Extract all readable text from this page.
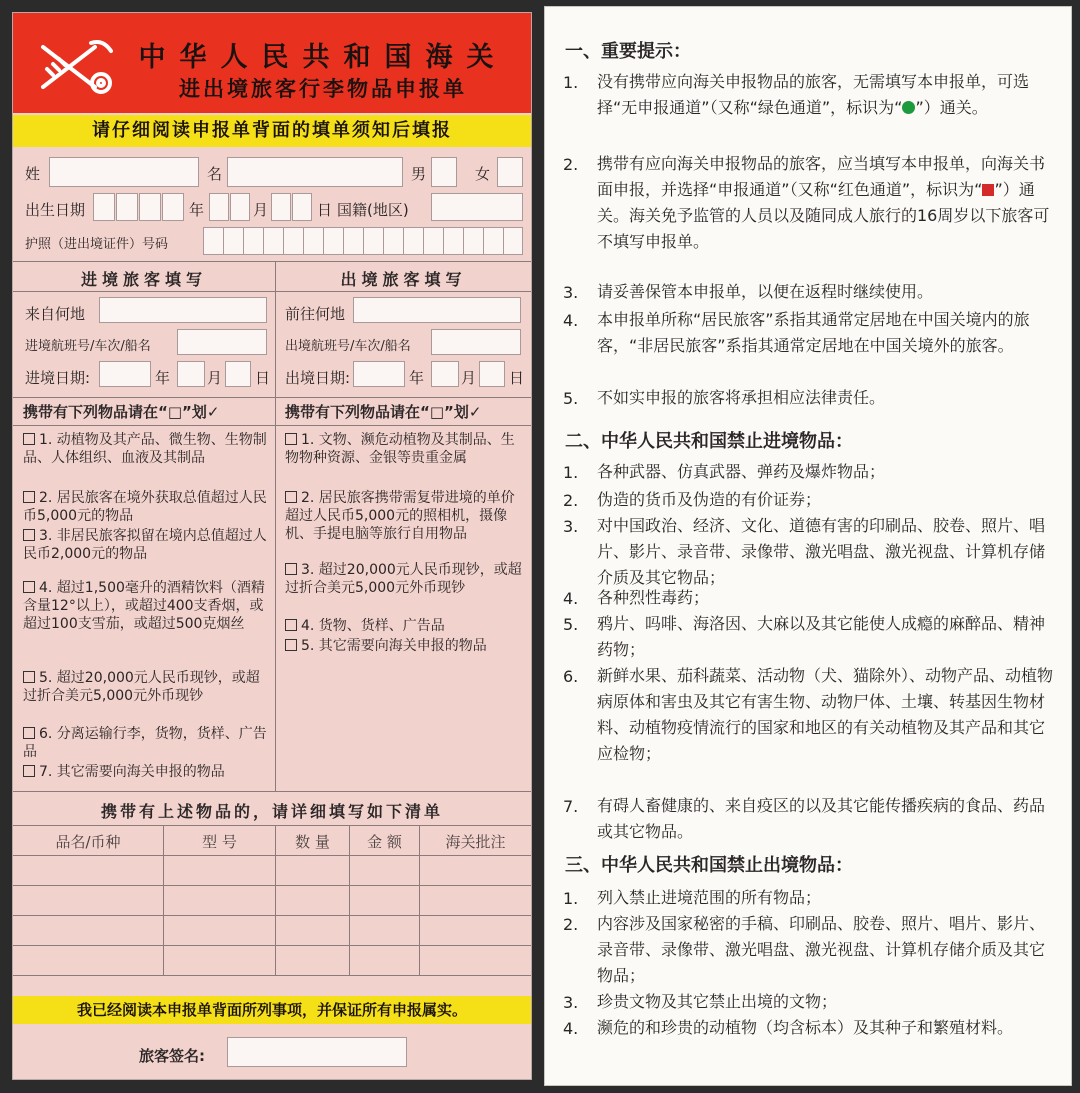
中华人民共和国海关
进出境旅客行李物品申报单
请仔细阅读申报单背面的填单须知后填报
姓	名	男	女
出生日期	年	月	日 国籍(地区)
护照（进出境证件）号码
进境旅客填写
来自何地
进境航班号/车次/船名
进境日期:	年 月 日
携带有下列物品请在“□”划✓
1. 动植物及其产品、微生物、生物制品、人体组织、血液及其制品
2. 居民旅客在境外获取总值超过人民币5,000元的物品
3. 非居民旅客拟留在境内总值超过人民币2,000元的物品
4. 超过1,500毫升的酒精饮料（酒精含量12°以上），或超过400支香烟，或超过100支雪茄，或超过500克烟丝
5. 超过20,000元人民币现钞，或超过折合美元5,000元外币现钞
6. 分离运输行李，货物，货样、广告品
7. 其它需要向海关申报的物品
出境旅客填写
前往何地
出境航班号/车次/船名
出境日期:	年 月 日
携带有下列物品请在“□”划✓
1. 文物、濒危动植物及其制品、生物物种资源、金银等贵重金属
2. 居民旅客携带需复带进境的单价超过人民币5,000元的照相机，摄像机、手提电脑等旅行自用物品
3. 超过20,000元人民币现钞，或超过折合美元5,000元外币现钞
4. 货物、货样、广告品
5. 其它需要向海关申报的物品
携带有上述物品的，请详细填写如下清单
品名/币种	型 号	数 量	金 额	海关批注
我已经阅读本申报单背面所列事项，并保证所有申报属实。
旅客签名:
一、重要提示：
1. 没有携带应向海关申报物品的旅客，无需填写本申报单，可选择“无申报通道”（又称“绿色通道”，标识为“ ”）通关。
2. 携带有应向海关申报物品的旅客，应当填写本申报单，向海关书面申报，并选择“申报通道”（又称“红色通道”，标识为“ ”）通关。海关免予监管的人员以及随同成人旅行的16周岁以下旅客可不填写申报单。
3. 请妥善保管本申报单，以便在返程时继续使用。
4. 本申报单所称“居民旅客”系指其通常定居地在中国关境内的旅客，“非居民旅客”系指其通常定居地在中国关境外的旅客。
5. 不如实申报的旅客将承担相应法律责任。
二、中华人民共和国禁止进境物品：
1. 各种武器、仿真武器、弹药及爆炸物品；
2. 伪造的货币及伪造的有价证券；
3. 对中国政治、经济、文化、道德有害的印刷品、胶卷、照片、唱片、影片、录音带、录像带、激光唱盘、激光视盘、计算机存储介质及其它物品；
4. 各种烈性毒药；
5. 鸦片、吗啡、海洛因、大麻以及其它能使人成瘾的麻醉品、精神药物；
6. 新鲜水果、茄科蔬菜、活动物（犬、猫除外）、动物产品、动植物病原体和害虫及其它有害生物、动物尸体、土壤、转基因生物材料、动植物疫情流行的国家和地区的有关动植物及其产品和其它应检物；
7. 有碍人畜健康的、来自疫区的以及其它能传播疾病的食品、药品或其它物品。
三、中华人民共和国禁止出境物品：
1. 列入禁止进境范围的所有物品；
2. 内容涉及国家秘密的手稿、印刷品、胶卷、照片、唱片、影片、录音带、录像带、激光唱盘、激光视盘、计算机存储介质及其它物品；
3. 珍贵文物及其它禁止出境的文物；
4. 濒危的和珍贵的动植物（均含标本）及其种子和繁殖材料。
